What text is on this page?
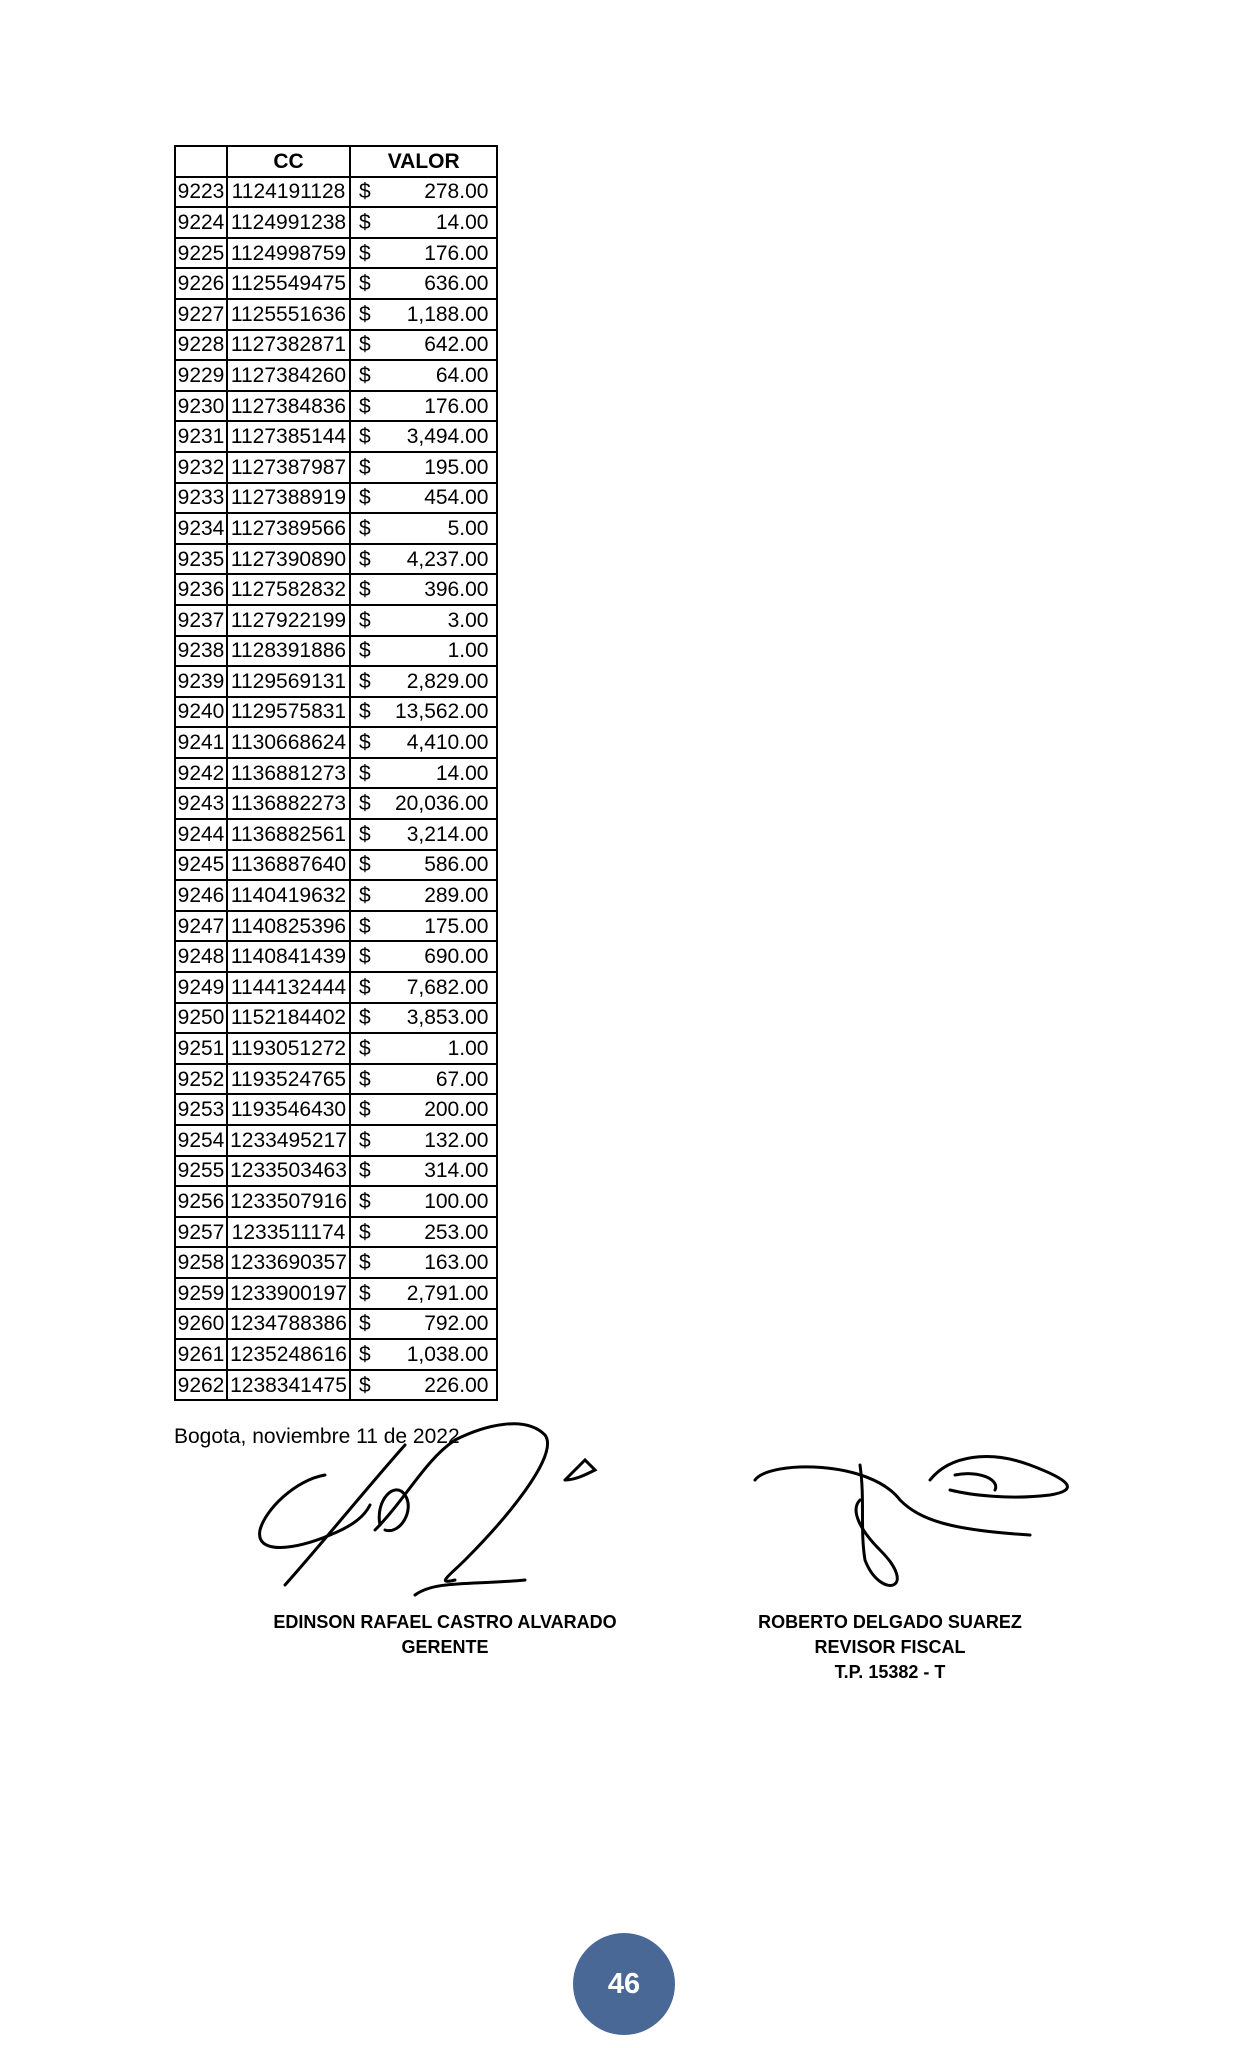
	CC	VALOR	
9223	1124191128	$	278.00
9224	1124991238	$	14.00
9225	1124998759	$	176.00
9226	1125549475	$	636.00
9227	1125551636	$	1,188.00
9228	1127382871	$	642.00
9229	1127384260	$	64.00
9230	1127384836	$	176.00
9231	1127385144	$	3,494.00
9232	1127387987	$	195.00
9233	1127388919	$	454.00
9234	1127389566	$	5.00
9235	1127390890	$	4,237.00
9236	1127582832	$	396.00
9237	1127922199	$	3.00
9238	1128391886	$	1.00
9239	1129569131	$	2,829.00
9240	1129575831	$	13,562.00
9241	1130668624	$	4,410.00
9242	1136881273	$	14.00
9243	1136882273	$	20,036.00
9244	1136882561	$	3,214.00
9245	1136887640	$	586.00
9246	1140419632	$	289.00
9247	1140825396	$	175.00
9248	1140841439	$	690.00
9249	1144132444	$	7,682.00
9250	1152184402	$	3,853.00
9251	1193051272	$	1.00
9252	1193524765	$	67.00
9253	1193546430	$	200.00
9254	1233495217	$	132.00
9255	1233503463	$	314.00
9256	1233507916	$	100.00
9257	1233511174	$	253.00
9258	1233690357	$	163.00
9259	1233900197	$	2,791.00
9260	1234788386	$	792.00
9261	1235248616	$	1,038.00
9262	1238341475	$	226.00
Bogota, noviembre 11 de 2022
EDINSON RAFAEL CASTRO ALVARADO
GERENTE
ROBERTO DELGADO SUAREZ
REVISOR FISCAL
T.P. 15382 - T
46
